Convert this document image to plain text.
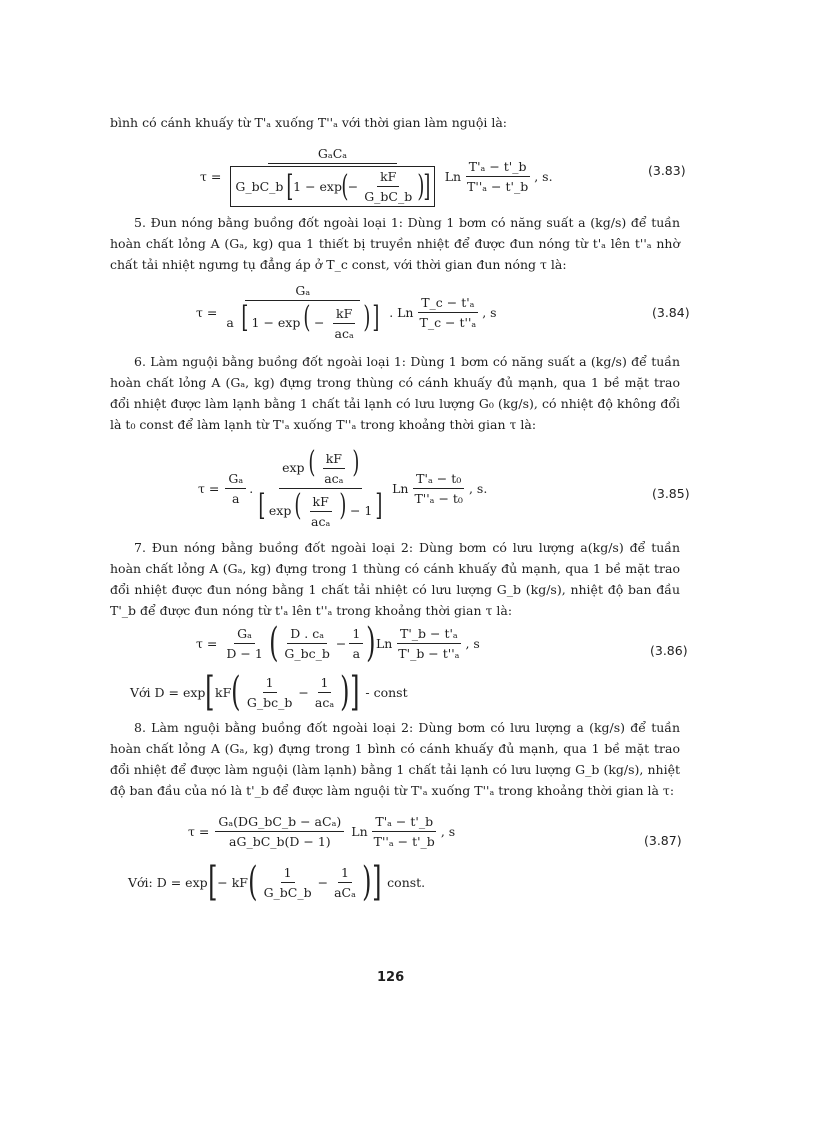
bình có cánh khuấy từ T'ₐ xuống T''ₐ với thời gian làm nguội là:

τ =
GₐCₐ
G_bC_b [ 1 − exp ( − $\frac{kF}{G\_bC\_b}$ )
] Ln $\frac{\text{T'ₐ − t'\_b}}{\text{T''ₐ − t'\_b}}$ , s.	(3.83)

5. Đun nóng bằng buồng đốt ngoài loại 1: Dùng 1 bơm có năng suất a (kg/s) để tuần hoàn chất lỏng A (Gₐ, kg) qua 1 thiết bị truyền nhiệt để được đun nóng từ t'ₐ lên t''ₐ nhờ chất tải nhiệt ngưng tụ đẳng áp ở T_c const, với thời gian đun nóng τ là:

τ =
Gₐ
a [ 1 − exp ( − $\frac{kF}{\text{acₐ}}$ ) ] . Ln $\frac{\text{T\_c − t'ₐ}}{\text{T\_c − t''ₐ}}$ , s	(3.84)

6. Làm nguội bằng buồng đốt ngoài loại 1: Dùng 1 bơm có năng suất a (kg/s) để tuần hoàn chất lỏng A (Gₐ, kg) đựng trong thùng có cánh khuấy đủ mạnh, qua 1 bề mặt trao đổi nhiệt được làm lạnh bằng 1 chất tải lạnh có lưu lượng G₀ (kg/s), có nhiệt độ không đổi là t₀ const để làm lạnh từ T'ₐ xuống T''ₐ trong khoảng thời gian τ là:

$\tau = \frac{\text{Gₐ}}{a}$ .
exp ( $\frac{kF}{\text{acₐ}}$ )
[ exp ( $\frac{kF}{\text{acₐ}}$ ) − 1 ] Ln $\frac{\text{T'ₐ − t₀}}{\text{T''ₐ − t₀}}$ , s.	(3.85)

7. Đun nóng bằng buồng đốt ngoài loại 2: Dùng bơm có lưu lượng a(kg/s) để tuần hoàn chất lỏng A (Gₐ, kg) đựng trong 1 thùng có cánh khuấy đủ mạnh, qua 1 bề mặt trao đổi nhiệt được đun nóng bằng 1 chất tải nhiệt có lưu lượng G_b (kg/s), nhiệt độ ban đầu T'_b để được đun nóng từ t'ₐ lên t''ₐ trong khoảng thời gian τ là:

$\tau = \frac{\text{Gₐ}}{D - 1}$ ( $\frac{\text{D . cₐ}}{G\_bc\_b} - \frac{1}{a}$ ) Ln $\frac{\text{T'\_b − t'ₐ}}{\text{T'\_b − t''ₐ}}$ , s	(3.86)
Với D = exp [ kF ( $\frac{1}{G\_bc\_b} - \frac{1}{\text{acₐ}}$ ) ] - const

8. Làm nguội bằng buồng đốt ngoài loại 2: Dùng bơm có lưu lượng a (kg/s) để tuần hoàn chất lỏng A (Gₐ, kg) đựng trong 1 bình có cánh khuấy đủ mạnh, qua 1 bề mặt trao đổi nhiệt để được làm nguội (làm lạnh) bằng 1 chất tải lạnh có lưu lượng G_b (kg/s), nhiệt độ ban đầu của nó là t'_b để được làm nguội từ T'ₐ xuống T''ₐ trong khoảng thời gian là τ:

$\tau = \frac{\text{Gₐ(DG\_bC\_b − aCₐ)}}{aG\_bC\_b(D - 1)}$ Ln $\frac{\text{T'ₐ − t'\_b}}{\text{T''ₐ − t'\_b}}$ , s
(3.87)
Với: D = exp [ − kF ( $\frac{1}{G\_bC\_b} - \frac{1}{\text{aCₐ}}$ ) ] const.
126
